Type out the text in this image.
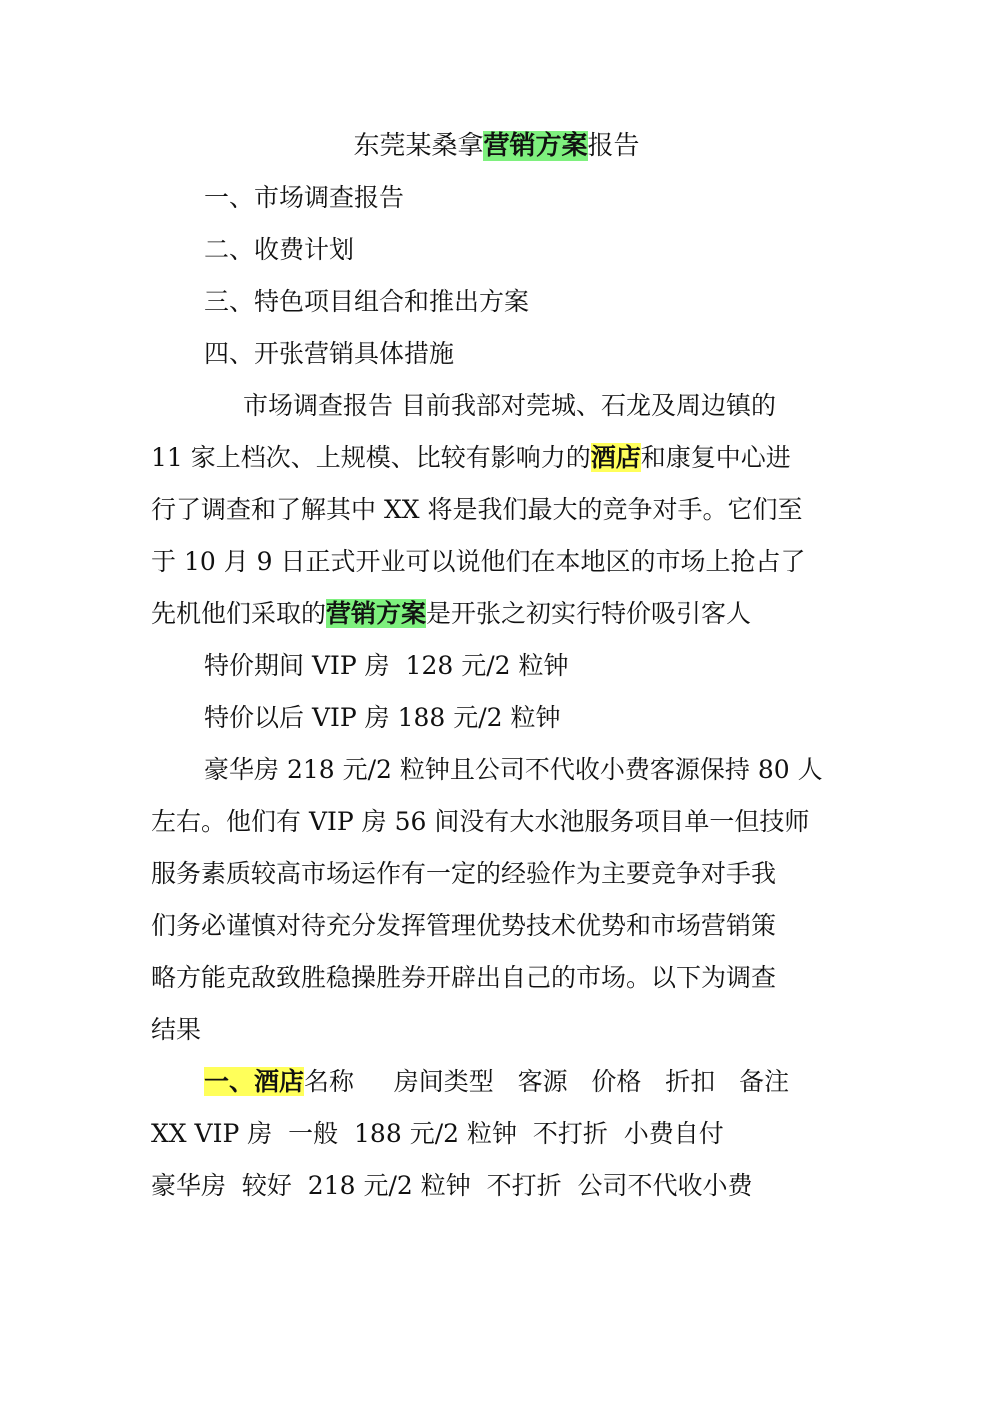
东莞某桑拿营销方案报告
一、市场调查报告
二、收费计划
三、特色项目组合和推出方案
四、开张营销具体措施
市场调查报告 目前我部对莞城、石龙及周边镇的
11 家上档次、上规模、比较有影响力的酒店和康复中心进
行了调查和了解其中 XX 将是我们最大的竞争对手。它们至
于 10 月 9 日正式开业可以说他们在本地区的市场上抢占了
先机他们采取的营销方案是开张之初实行特价吸引客人
特价期间 VIP 房  128 元/2 粒钟
特价以后 VIP 房 188 元/2 粒钟
豪华房 218 元/2 粒钟且公司不代收小费客源保持 80 人
左右。他们有 VIP 房 56 间没有大水池服务项目单一但技师
服务素质较高市场运作有一定的经验作为主要竞争对手我
们务必谨慎对待充分发挥管理优势技术优势和市场营销策
略方能克敌致胜稳操胜券开辟出自己的市场。以下为调查
结果
一、酒店名称     房间类型   客源   价格   折扣   备注
XX VIP 房  一般  188 元/2 粒钟  不打折  小费自付
豪华房  较好  218 元/2 粒钟  不打折  公司不代收小费
